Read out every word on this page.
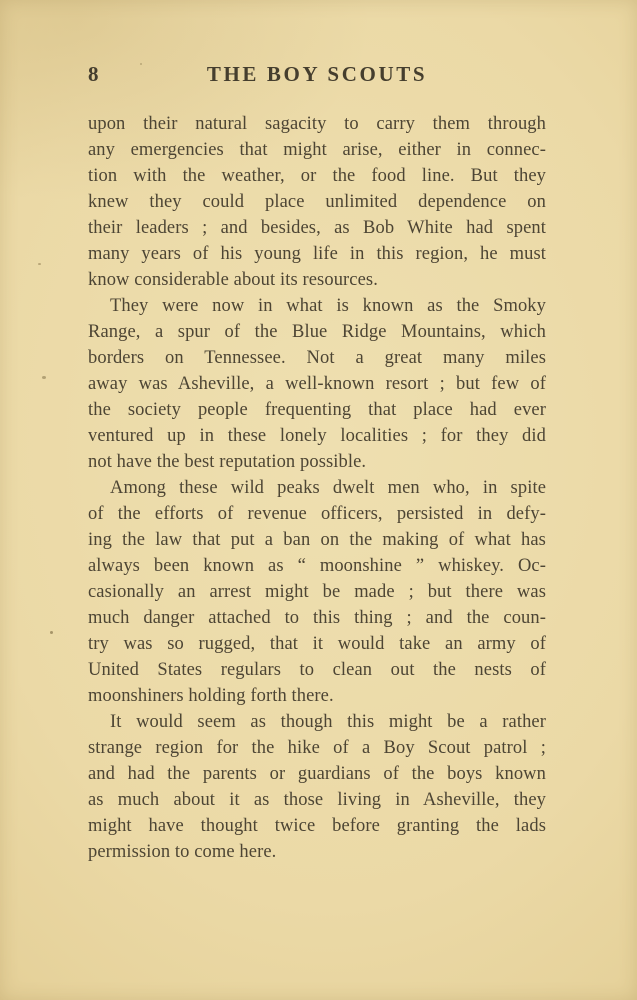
8	THE BOY SCOUTS
upon their natural sagacity to carry them through
any emergencies that might arise, either in connec-
tion with the weather, or the food line. But they
knew they could place unlimited dependence on
their leaders ; and besides, as Bob White had spent
many years of his young life in this region, he must
know considerable about its resources.
They were now in what is known as the Smoky
Range, a spur of the Blue Ridge Mountains, which
borders on Tennessee. Not a great many miles
away was Asheville, a well-known resort ; but few of
the society people frequenting that place had ever
ventured up in these lonely localities ; for they did
not have the best reputation possible.
Among these wild peaks dwelt men who, in spite
of the efforts of revenue officers, persisted in defy-
ing the law that put a ban on the making of what has
always been known as “ moonshine ” whiskey. Oc-
casionally an arrest might be made ; but there was
much danger attached to this thing ; and the coun-
try was so rugged, that it would take an army of
United States regulars to clean out the nests of
moonshiners holding forth there.
It would seem as though this might be a rather
strange region for the hike of a Boy Scout patrol ;
and had the parents or guardians of the boys known
as much about it as those living in Asheville, they
might have thought twice before granting the lads
permission to come here.
